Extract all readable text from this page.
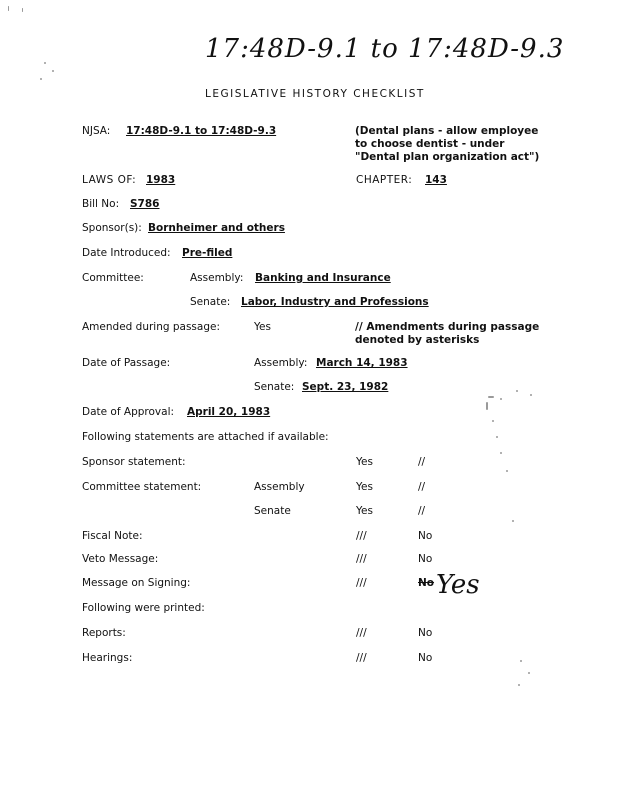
17:48D-9.1 to 17:48D-9.3
LEGISLATIVE HISTORY CHECKLIST
NJSA: 17:48D-9.1 to 17:48D-9.3	(Dental plans - allow employee
to choose dentist - under
"Dental plan organization act")
LAWS OF: 1983	CHAPTER: 143
Bill No: S786
Sponsor(s): Bornheimer and others
Date Introduced: Pre-filed
Committee:	Assembly: Banking and Insurance
Senate: Labor, Industry and Professions
Amended during passage:	Yes	// Amendments during passage
denoted by asterisks
Date of Passage:	Assembly: March 14, 1983
Senate: Sept. 23, 1982
Date of Approval: April 20, 1983
Following statements are attached if available:
Sponsor statement:	Yes	//
Committee statement:	Assembly	Yes	//
Senate	Yes	//
Fiscal Note:	///	No
Veto Message:	///	No
Message on Signing:	///	No Yes
Following were printed:
Reports:	///	No
Hearings:	///	No
